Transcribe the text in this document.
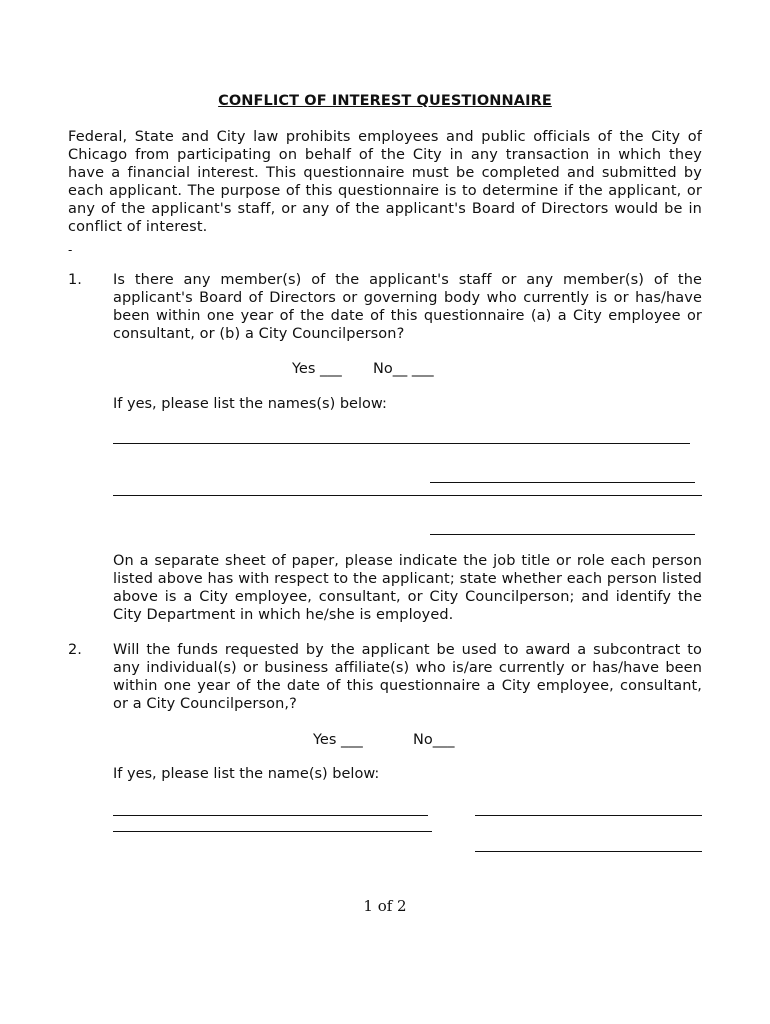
CONFLICT OF INTEREST QUESTIONNAIRE
Federal, State and City law prohibits employees and public officials of the City of Chicago from participating on behalf of the City in any transaction in which they have a financial interest. This questionnaire must be completed and submitted by each applicant. The purpose of this questionnaire is to determine if the applicant, or any of the applicant's staff, or any of the applicant's Board of Directors would be in conflict of interest.
-
1. Is there any member(s) of the applicant's staff or any member(s) of the applicant's Board of Directors or governing body who currently is or has/have been within one year of the date of this questionnaire (a) a City employee or consultant, or (b) a City Councilperson?
Yes ___ No__ ___
If yes, please list the names(s) below:
On a separate sheet of paper, please indicate the job title or role each person listed above has with respect to the applicant; state whether each person listed above is a City employee, consultant, or City Councilperson; and identify the City Department in which he/she is employed.
2. Will the funds requested by the applicant be used to award a subcontract to any individual(s) or business affiliate(s) who is/are currently or has/have been within one year of the date of this questionnaire a City employee, consultant, or a City Councilperson,?
Yes ___	No___
If yes, please list the name(s) below:
1 of 2
